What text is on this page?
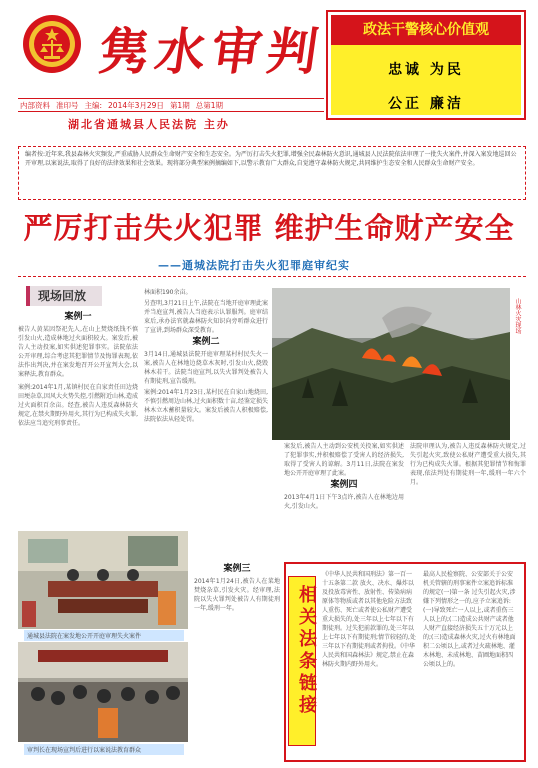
隽水审判	政法干警核心价值观
忠诚 为民
公正 廉洁
内部资料 准印号 主编: 2014年3月29日 第1期 总第1期
湖北省通城县人民法院 主办
编者按:近年来,我县森林火灾频发,严重威胁人民群众生命财产安全和生态安全。为严厉打击失火犯罪,增强全民森林防火意识,通城县人民法院依法审理了一批失火案件,并深入案发地巡回公开审理,以案说法,取得了良好的法律效果和社会效果。现将部分典型案例摘编如下,以警示教育广大群众,自觉遵守森林防火规定,共同维护生态安全和人民群众生命财产安全。
严厉打击失火犯罪 维护生命财产安全
——通城法院打击失火犯罪庭审纪实
现场回放
案例一

被告人黄某因祭祀先人,在山上焚烧纸钱不慎引发山火,造成林地过火面积较大。案发后,被告人主动投案,如实供述犯罪事实。法院依法公开审理,综合考虑其犯罪情节及悔罪表现,依法作出判决,并在案发地召开公开宣判大会,以案释法,教育群众。

案例:2014年1月,某镇村民在自家责任田边烧田埂杂草,因风大火势失控,引燃附近山林,造成过火面积百余亩。经查,被告人违反森林防火规定,在禁火期野外用火,其行为已构成失火罪,依法应当追究刑事责任。

通城县法院在案发地公开开庭审理失火案件
审判长在现场宣判后进行以案说法教育群众

林面积190余亩。

另查明,3月21日上午,法院在当地开庭审理此案并当庭宣判,被告人当庭表示认罪服判。庭审结束后,承办法官就森林防火知识向旁听群众进行了宣讲,到场群众深受教育。

案例二

3月14日,通城县法院开庭审理某村村民失火一案,被告人在林地边烧草木灰时,引发山火,烧毁林木若干。法院当庭宣判,以失火罪判处被告人有期徒刑,宣告缓刑。

案例:2014年1月23日,某村民在自家山地烧田,不慎引燃周边山林,过火面积数十亩,经鉴定损失林木立木蓄积量较大。案发后被告人积极赔偿,法院依法从轻处罚。

案例三

2014年1月24日,被告人在菜地焚烧杂草,引发火灾。经审理,法院以失火罪判处被告人有期徒刑一年,缓刑一年。

山林火灾现场

案发后,被告人主动到公安机关投案,如实供述了犯罪事实,并积极赔偿了受害人的经济损失,取得了受害人的谅解。3月11日,法院在案发地公开开庭审理了此案。

案例四

2013年4月1日下午3点许,被告人在林地边用火,引发山火。

法院审理认为,被告人违反森林防火规定,过失引起火灾,致使公私财产遭受重大损失,其行为已构成失火罪。根据其犯罪情节和悔罪表现,依法判处有期徒刑一年,缓刑一年六个月。

相关法条链接
《中华人民共和国刑法》第一百一十五条第二款 放火、决水、爆炸以及投放毒害性、放射性、传染病病原体等物质或者以其他危险方法致人重伤、死亡或者使公私财产遭受重大损失的,处三年以上七年以下有期徒刑。过失犯前款罪的,处三年以上七年以下有期徒刑;情节较轻的,处三年以下有期徒刑或者拘役。《中华人民共和国森林法》规定,禁止在森林防火期内野外用火。
最高人民检察院、公安部关于公安机关管辖的刑事案件立案追诉标准的规定(一)第一条 过失引起火灾,涉嫌下列情形之一的,应予立案追诉:(一)导致死亡一人以上,或者重伤三人以上的;(二)造成公共财产或者他人财产直接经济损失五十万元以上的;(三)造成森林火灾,过火有林地面积二公顷以上,或者过火疏林地、灌木林地、未成林地、苗圃地面积四公顷以上的。
